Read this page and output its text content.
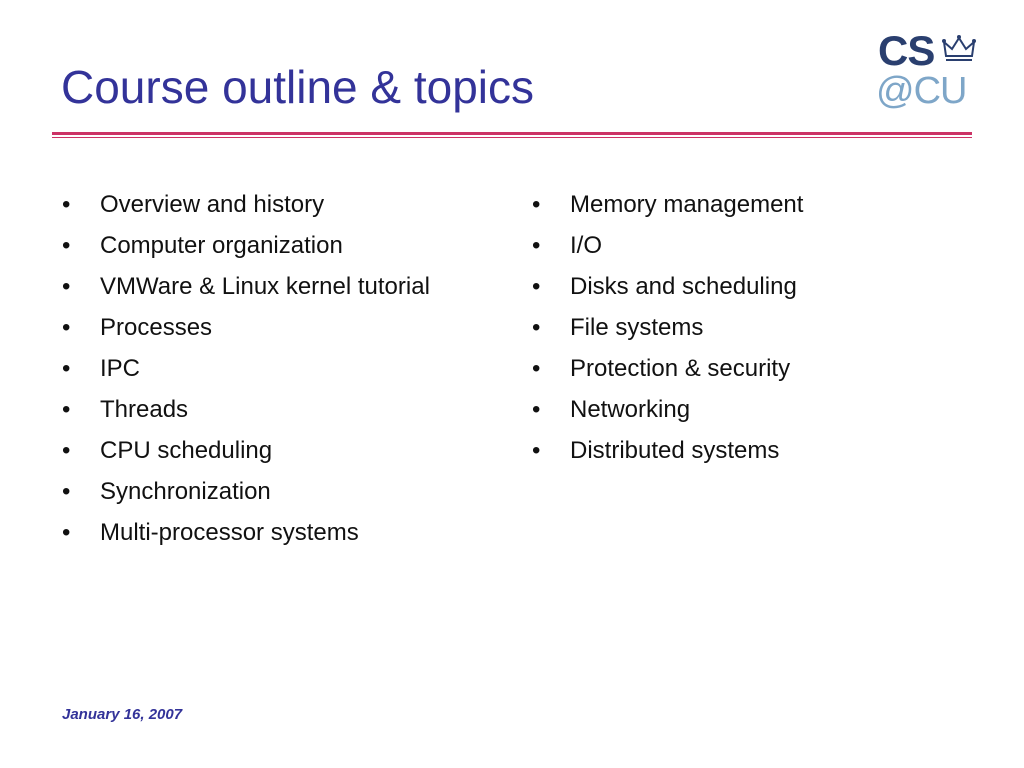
Course outline & topics
CS
@CU
•	Overview and history
•	Computer organization
•	VMWare & Linux kernel tutorial
•	Processes
•	IPC
•	Threads
•	CPU scheduling
•	Synchronization
•	Multi-processor systems
•	Memory management
•	I/O
•	Disks and scheduling
•	File systems
•	Protection & security
•	Networking
•	Distributed systems
January 16, 2007
